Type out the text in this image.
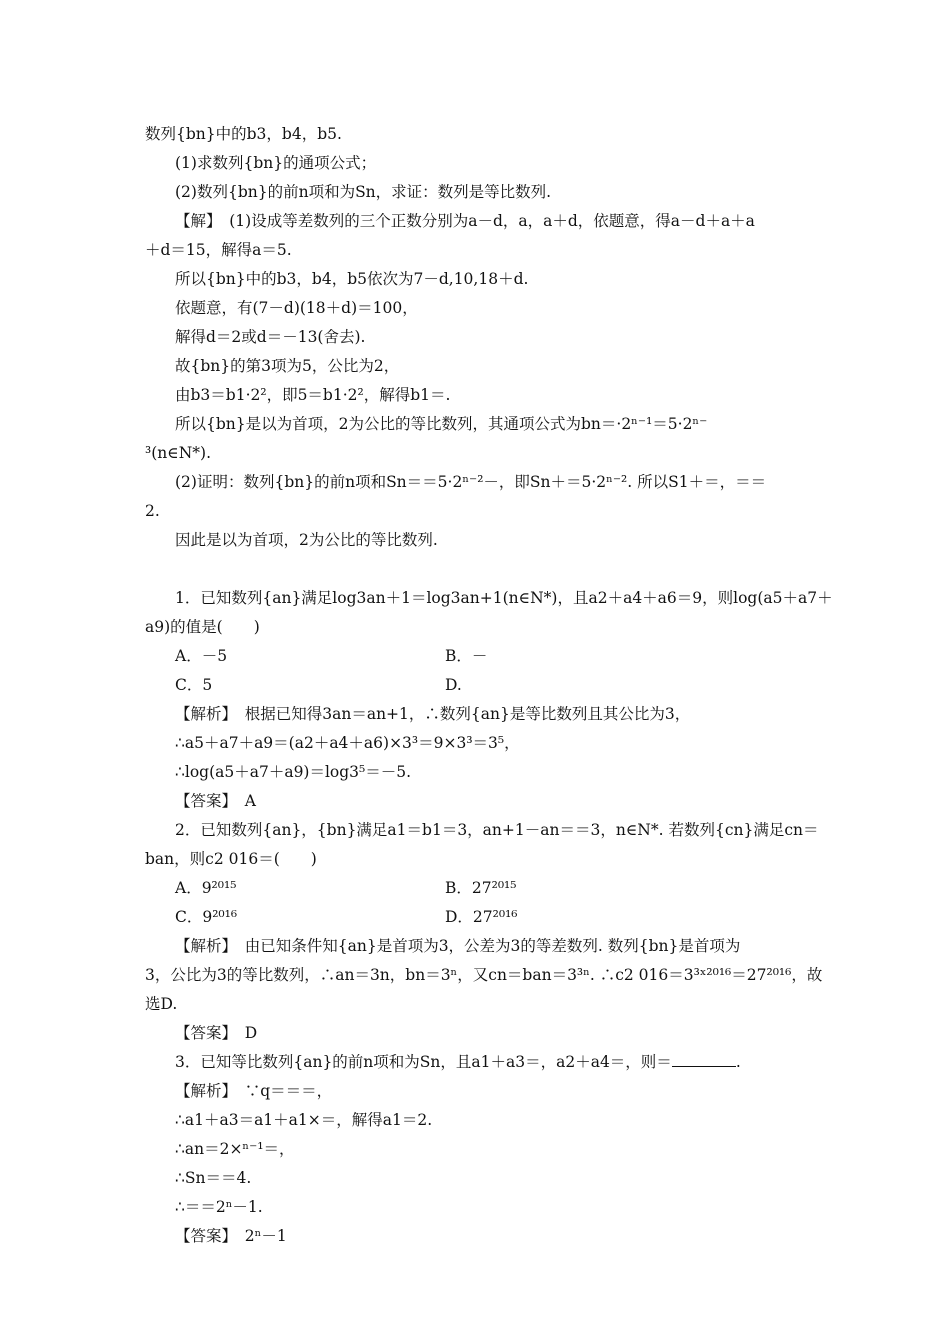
数列{bn}中的b3，b4，b5.
(1)求数列{bn}的通项公式；
(2)数列{bn}的前n项和为Sn，求证：数列是等比数列.
【解】　(1)设成等差数列的三个正数分别为a－d，a，a＋d，依题意，得a－d＋a＋a
＋d＝15，解得a＝5.
所以{bn}中的b3，b4，b5依次为7－d,10,18＋d.
依题意，有(7－d)(18＋d)＝100，
解得d＝2或d＝－13(舍去).
故{bn}的第3项为5，公比为2，
由b3＝b1·2²，即5＝b1·2²，解得b1＝.
所以{bn}是以为首项，2为公比的等比数列，其通项公式为bn＝·2ⁿ⁻¹＝5·2ⁿ⁻
³(n∈N*).
(2)证明：数列{bn}的前n项和Sn＝＝5·2ⁿ⁻²－，即Sn＋＝5·2ⁿ⁻². 所以S1＋＝，＝＝
2.
因此是以为首项，2为公比的等比数列.
1．已知数列{an}满足log3an＋1＝log3an+1(n∈N*)，且a2＋a4＋a6＝9，则log(a5＋a7＋
a9)的值是(　　)
A．－5	B．－
C．5	D.
【解析】　根据已知得3an＝an+1，∴数列{an}是等比数列且其公比为3，
∴a5＋a7＋a9＝(a2＋a4＋a6)×3³＝9×3³＝3⁵，
∴log(a5＋a7＋a9)＝log3⁵＝－5.
【答案】　A
2．已知数列{an}，{bn}满足a1＝b1＝3，an+1－an＝＝3，n∈N*. 若数列{cn}满足cn＝
ban，则c2 016＝(　　)
A．9²⁰¹⁵	B．27²⁰¹⁵
C．9²⁰¹⁶	D．27²⁰¹⁶
【解析】　由已知条件知{an}是首项为3，公差为3的等差数列. 数列{bn}是首项为
3，公比为3的等比数列，∴an＝3n，bn＝3ⁿ，又cn＝ban＝3³ⁿ. ∴c2 016＝3³ˣ²⁰¹⁶＝27²⁰¹⁶，故
选D.
【答案】　D
3．已知等比数列{an}的前n项和为Sn，且a1＋a3＝，a2＋a4＝，则＝	.
【解析】　∵q＝＝＝，
∴a1＋a3＝a1＋a1×＝，解得a1＝2.
∴an＝2×ⁿ⁻¹＝，
∴Sn＝＝4.
∴＝＝2ⁿ－1.
【答案】　2ⁿ－1
